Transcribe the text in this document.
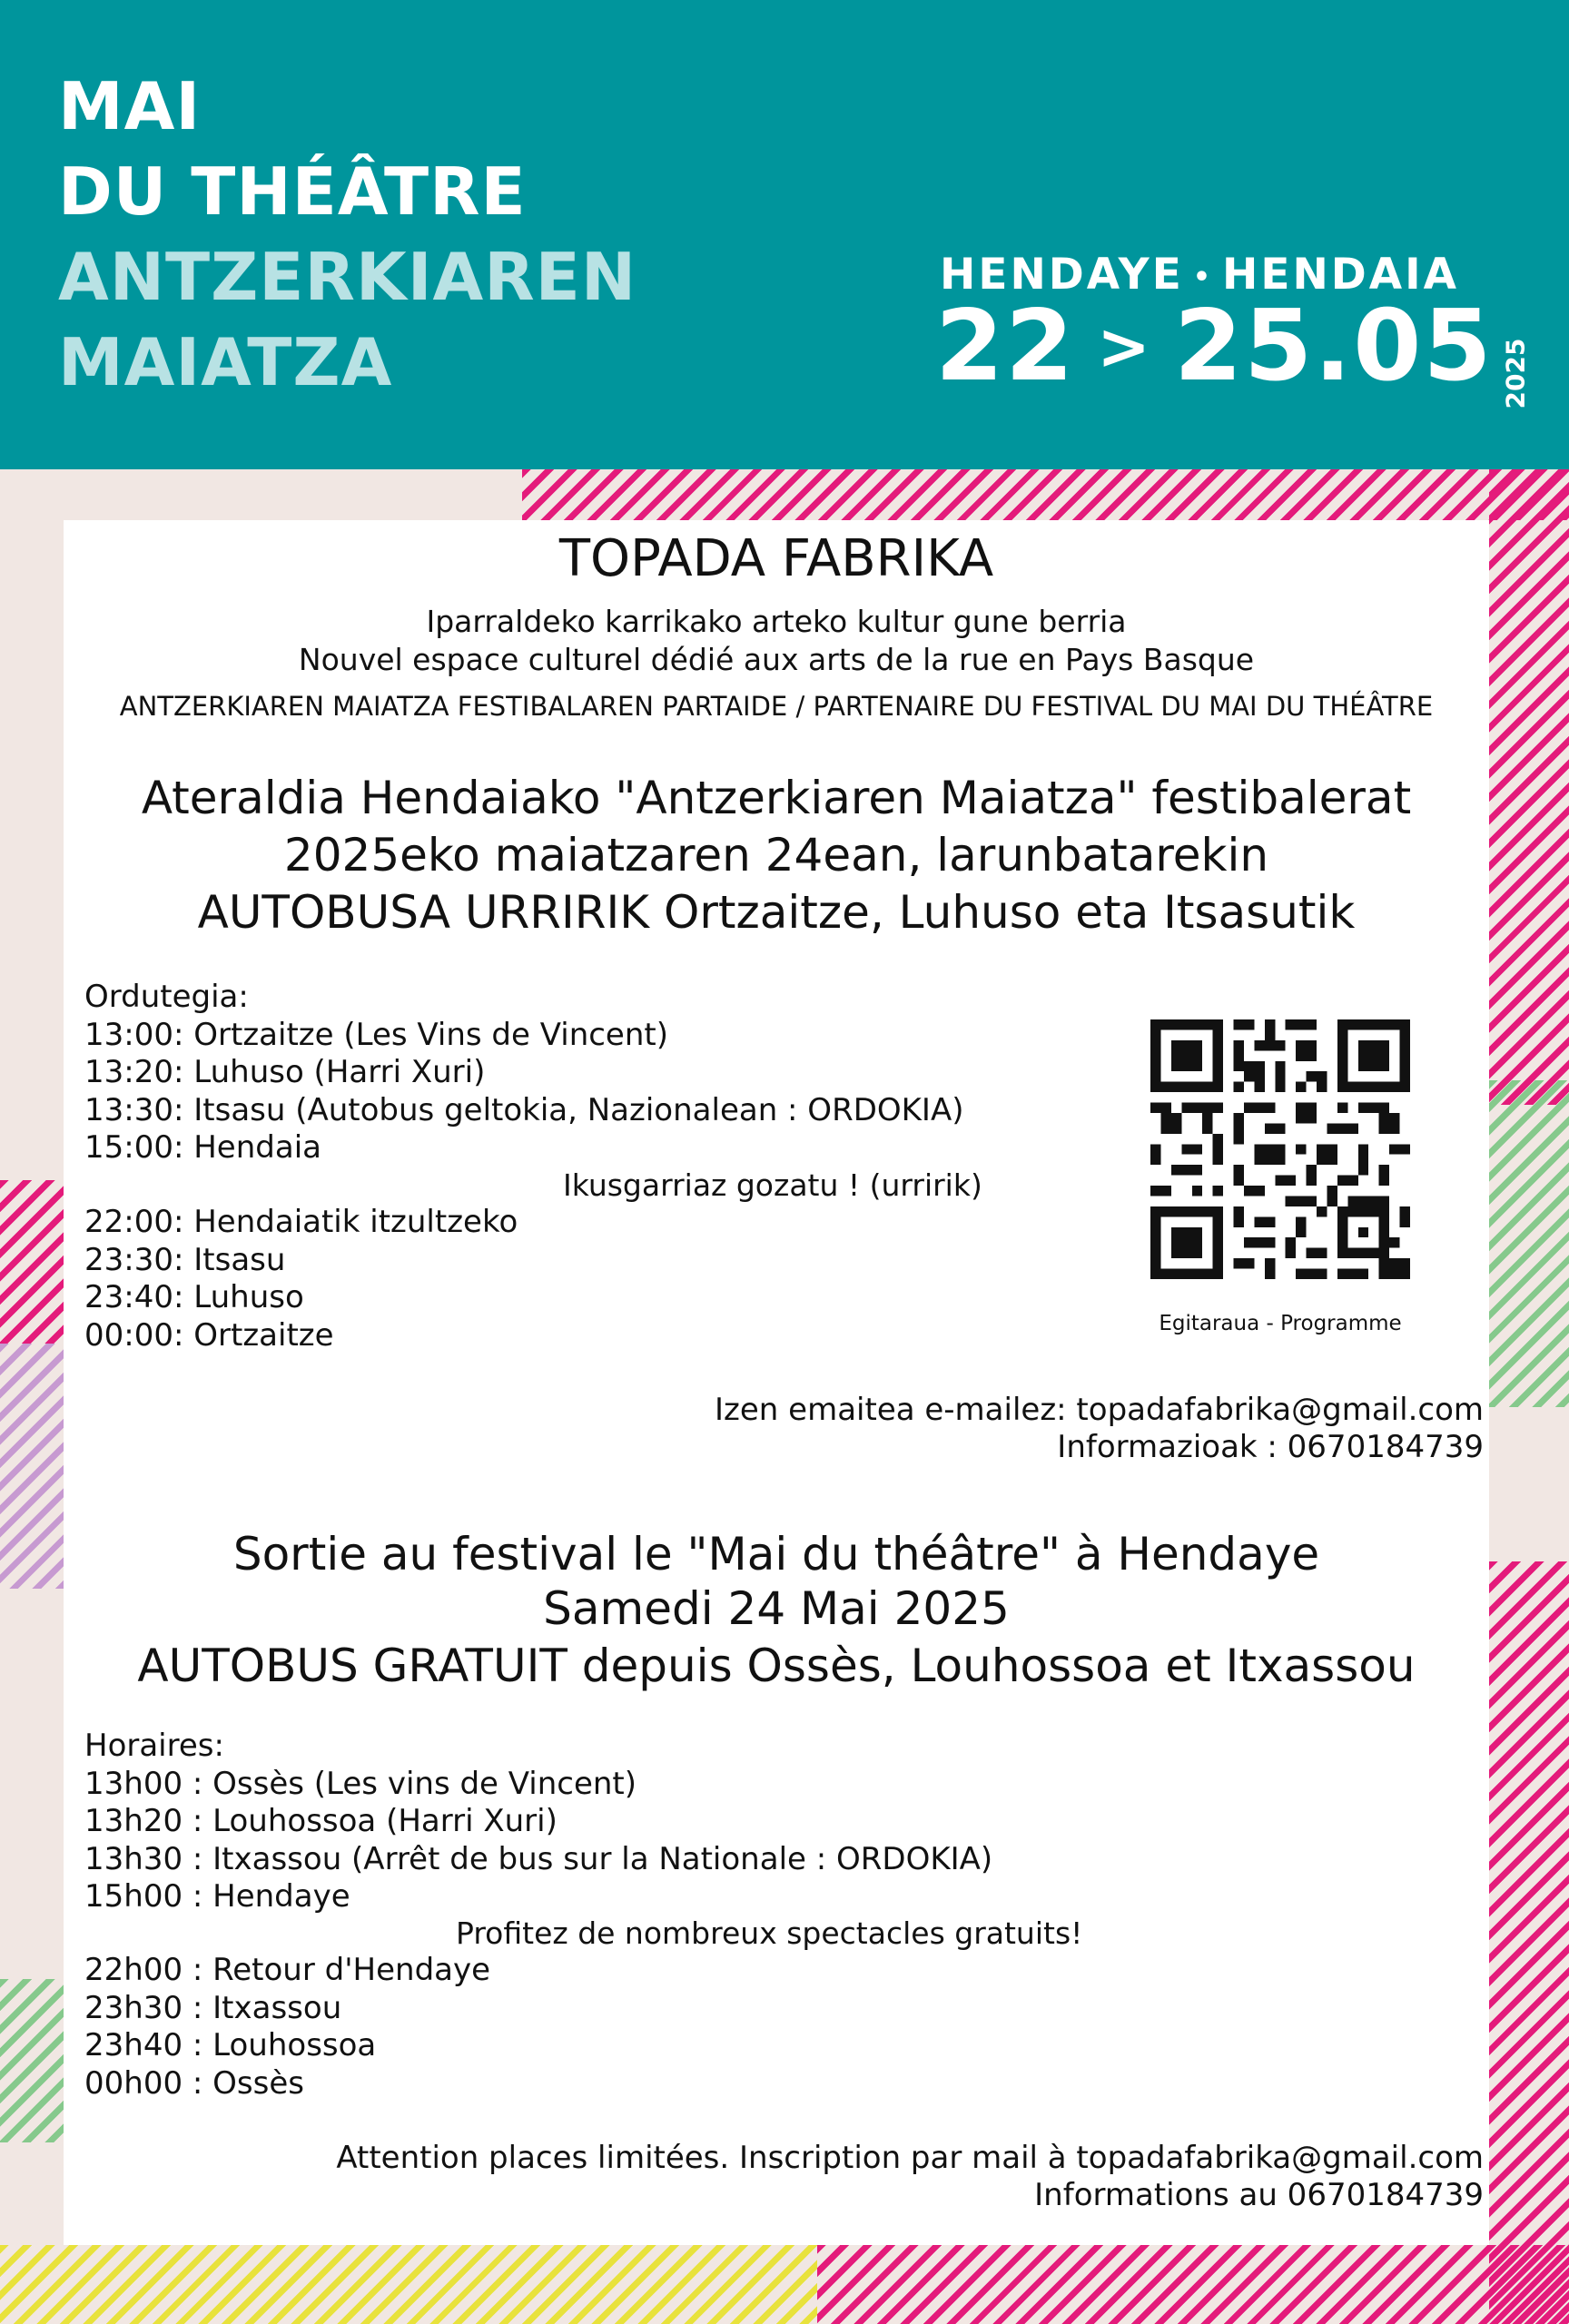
MAI
DU THÉÂTRE
ANTZERKIAREN
MAIATZA
HENDAYE • HENDAIA
22 > 25.05 2025
TOPADA FABRIKA
Iparraldeko karrikako arteko kultur gune berria
Nouvel espace culturel dédié aux arts de la rue en Pays Basque
ANTZERKIAREN MAIATZA FESTIBALAREN PARTAIDE / PARTENAIRE DU FESTIVAL DU MAI DU THÉÂTRE
Ateraldia Hendaiako "Antzerkiaren Maiatza" festibalerat
2025eko maiatzaren 24ean, larunbatarekin
AUTOBUSA URRIRIK Ortzaitze, Luhuso eta Itsasutik
Ordutegia:
13:00: Ortzaitze (Les Vins de Vincent)
13:20: Luhuso (Harri Xuri)
13:30: Itsasu (Autobus geltokia, Nazionalean : ORDOKIA)
15:00: Hendaia
Ikusgarriaz gozatu ! (urririk)
22:00: Hendaiatik itzultzeko
23:30: Itsasu
23:40: Luhuso
00:00: Ortzaitze	Egitaraua - Programme
Izen emaitea e-mailez: topadafabrika@gmail.com
Informazioak : 0670184739
Sortie au festival le "Mai du théâtre" à Hendaye
Samedi 24 Mai 2025
AUTOBUS GRATUIT depuis Ossès, Louhossoa et Itxassou
Horaires:
13h00 : Ossès (Les vins de Vincent)
13h20 : Louhossoa (Harri Xuri)
13h30 : Itxassou (Arrêt de bus sur la Nationale : ORDOKIA)
15h00 : Hendaye
Profitez de nombreux spectacles gratuits!
22h00 : Retour d'Hendaye
23h30 : Itxassou
23h40 : Louhossoa
00h00 : Ossès
Attention places limitées. Inscription par mail à topadafabrika@gmail.com
Informations au 0670184739
